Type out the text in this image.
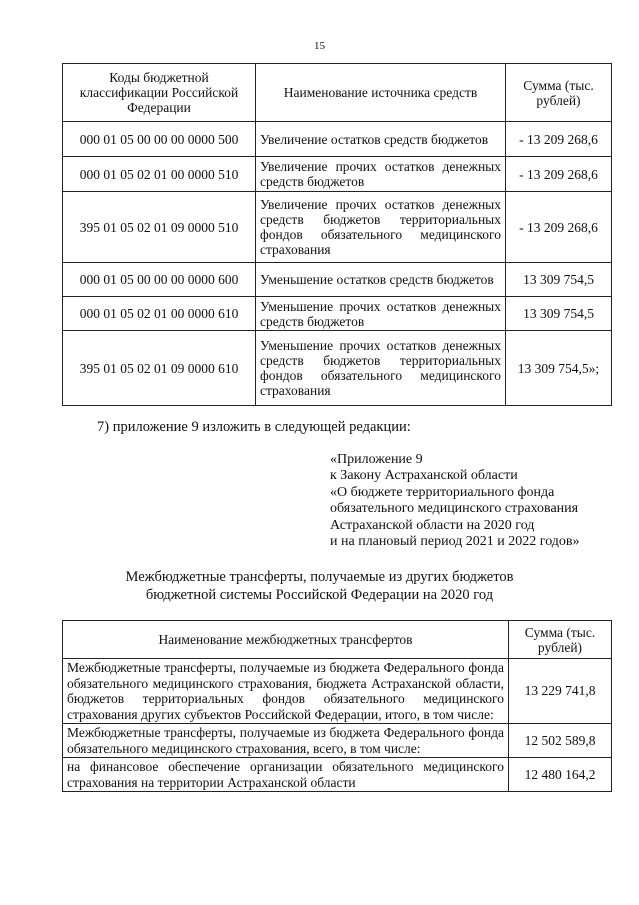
15
Коды бюджетной классификации Российской Федерации	Наименование источника средств	Сумма (тыс. рублей)
000 01 05 00 00 00 0000 500	Увеличение остатков средств бюджетов	- 13 209 268,6
000 01 05 02 01 00 0000 510	Увеличение прочих остатков денежных средств бюджетов	- 13 209 268,6
395 01 05 02 01 09 0000 510	Увеличение прочих остатков денежных средств бюджетов территориальных фондов обязательного медицинского страхования	- 13 209 268,6
000 01 05 00 00 00 0000 600	Уменьшение остатков средств бюджетов	13 309 754,5
000 01 05 02 01 00 0000 610	Уменьшение прочих остатков денежных средств бюджетов	13 309 754,5
395 01 05 02 01 09 0000 610	Уменьшение прочих остатков денежных средств бюджетов территориальных фондов обязательного медицинского страхования	13 309 754,5»;
7) приложение 9 изложить в следующей редакции:
«Приложение 9
к Закону Астраханской области
«О бюджете территориального фонда
обязательного медицинского страхования
Астраханской области на 2020 год
и на плановый период 2021 и 2022 годов»
Межбюджетные трансферты, получаемые из других бюджетов
бюджетной системы Российской Федерации на 2020 год
Наименование межбюджетных трансфертов	Сумма (тыс. рублей)
Межбюджетные трансферты, получаемые из бюджета Федерального фонда обязательного медицинского страхования, бюджета Астраханской области, бюджетов территориальных фондов обязательного медицинского страхования других субъектов Российской Федерации, итого, в том числе:	13 229 741,8
Межбюджетные трансферты, получаемые из бюджета Федерального фонда обязательного медицинского страхования, всего, в том числе:	12 502 589,8
на финансовое обеспечение организации обязательного медицинского страхования на территории Астраханской области	12 480 164,2
